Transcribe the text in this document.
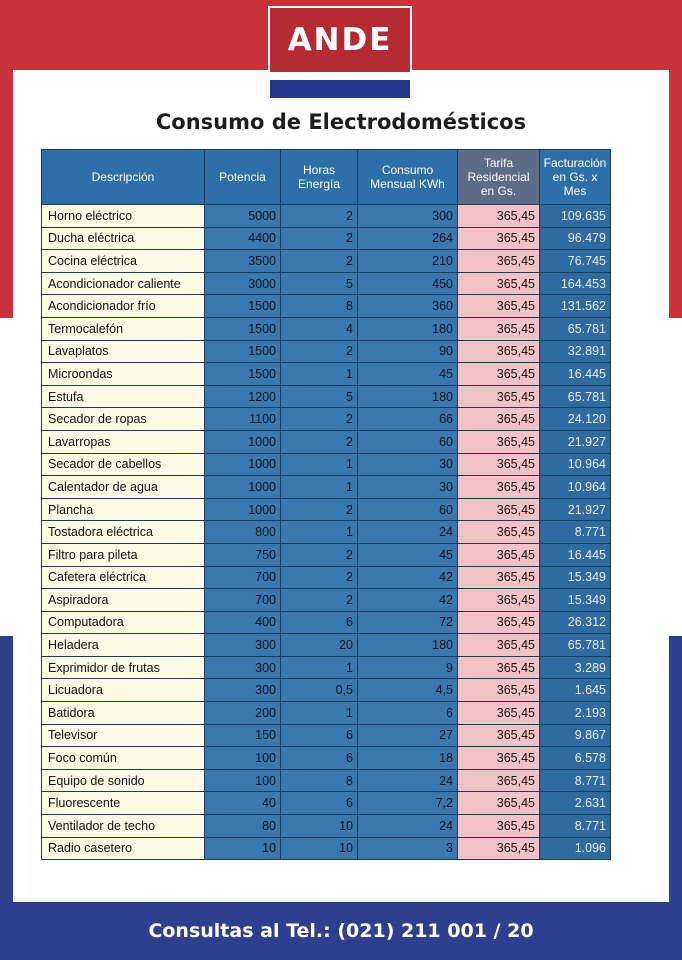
ANDE
Consumo de Electrodomésticos
Descripción	Potencia	Horas Energía	Consumo Mensual KWh	Tarifa Residencial en Gs.	Facturación en Gs. x Mes
Horno eléctrico	5000	2	300	365,45	109.635
Ducha eléctrica	4400	2	264	365,45	96.479
Cocina eléctrica	3500	2	210	365,45	76.745
Acondicionador caliente	3000	5	450	365,45	164.453
Acondicionador frío	1500	8	360	365,45	131.562
Termocalefón	1500	4	180	365,45	65.781
Lavaplatos	1500	2	90	365,45	32.891
Microondas	1500	1	45	365,45	16.445
Estufa	1200	5	180	365,45	65.781
Secador de ropas	1100	2	66	365,45	24.120
Lavarropas	1000	2	60	365,45	21.927
Secador de cabellos	1000	1	30	365,45	10.964
Calentador de agua	1000	1	30	365,45	10.964
Plancha	1000	2	60	365,45	21.927
Tostadora eléctrica	800	1	24	365,45	8.771
Filtro para pileta	750	2	45	365,45	16.445
Cafetera eléctrica	700	2	42	365,45	15.349
Aspiradora	700	2	42	365,45	15.349
Computadora	400	6	72	365,45	26.312
Heladera	300	20	180	365,45	65.781
Exprimidor de frutas	300	1	9	365,45	3.289
Licuadora	300	0,5	4,5	365,45	1.645
Batidora	200	1	6	365,45	2.193
Televisor	150	6	27	365,45	9.867
Foco común	100	6	18	365,45	6.578
Equipo de sonido	100	8	24	365,45	8.771
Fluorescente	40	6	7,2	365,45	2.631
Ventilador de techo	80	10	24	365,45	8.771
Radio casetero	10	10	3	365,45	1.096
Consultas al Tel.: (021) 211 001 / 20
